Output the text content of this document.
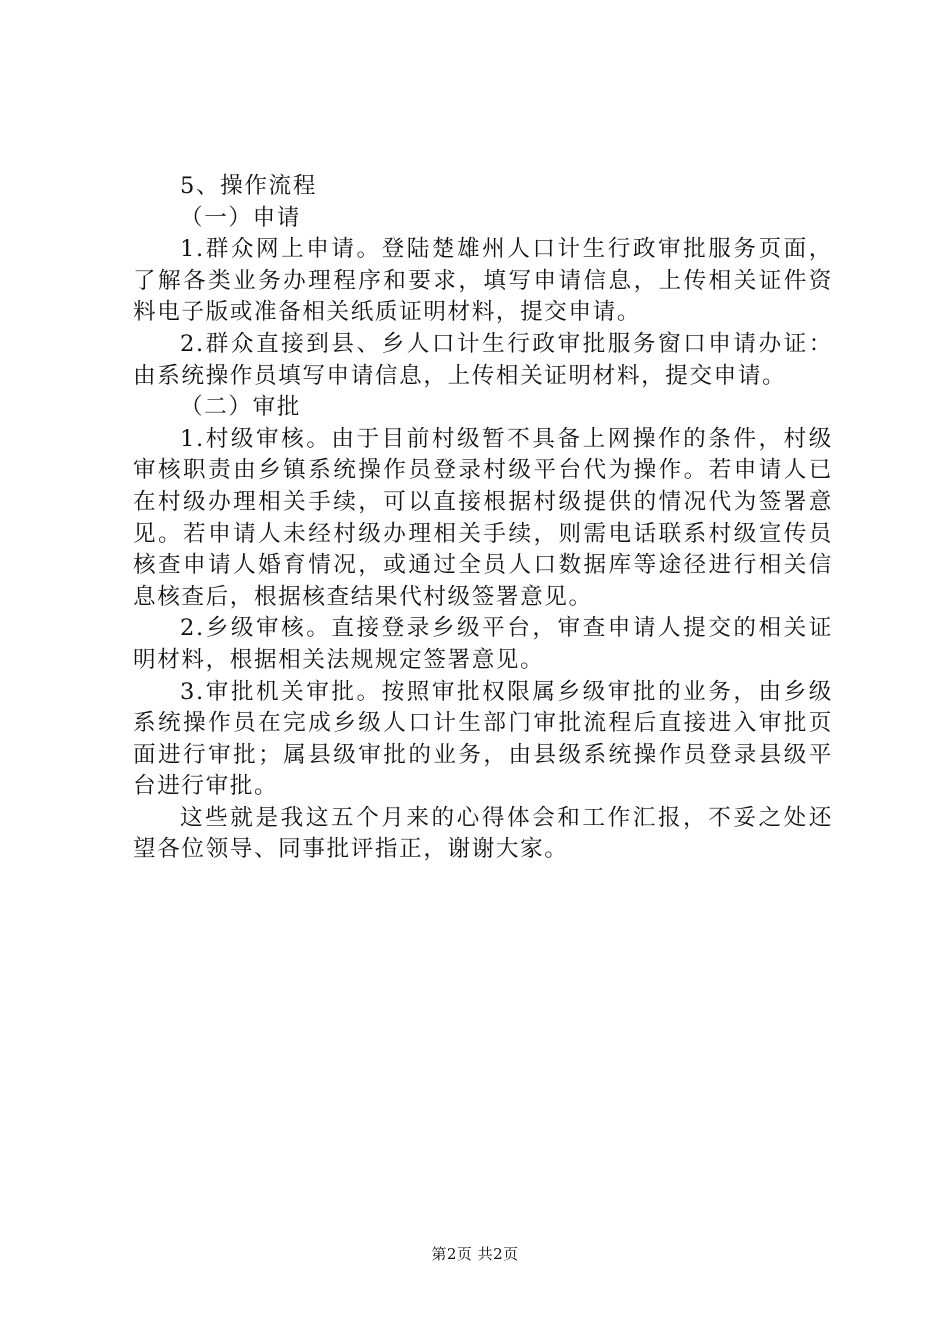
5、操作流程

（一）申请

1.群众网上申请。登陆楚雄州人口计生行政审批服务页面，了解各类业务办理程序和要求，填写申请信息，上传相关证件资料电子版或准备相关纸质证明材料，提交申请。

2.群众直接到县、乡人口计生行政审批服务窗口申请办证：由系统操作员填写申请信息，上传相关证明材料，提交申请。

（二）审批

1.村级审核。由于目前村级暂不具备上网操作的条件，村级审核职责由乡镇系统操作员登录村级平台代为操作。若申请人已在村级办理相关手续，可以直接根据村级提供的情况代为签署意见。若申请人未经村级办理相关手续，则需电话联系村级宣传员核查申请人婚育情况，或通过全员人口数据库等途径进行相关信息核查后，根据核查结果代村级签署意见。

2.乡级审核。直接登录乡级平台，审查申请人提交的相关证明材料，根据相关法规规定签署意见。

3.审批机关审批。按照审批权限属乡级审批的业务，由乡级系统操作员在完成乡级人口计生部门审批流程后直接进入审批页面进行审批；属县级审批的业务，由县级系统操作员登录县级平台进行审批。

这些就是我这五个月来的心得体会和工作汇报，不妥之处还望各位领导、同事批评指正，谢谢大家。

第2页 共2页
